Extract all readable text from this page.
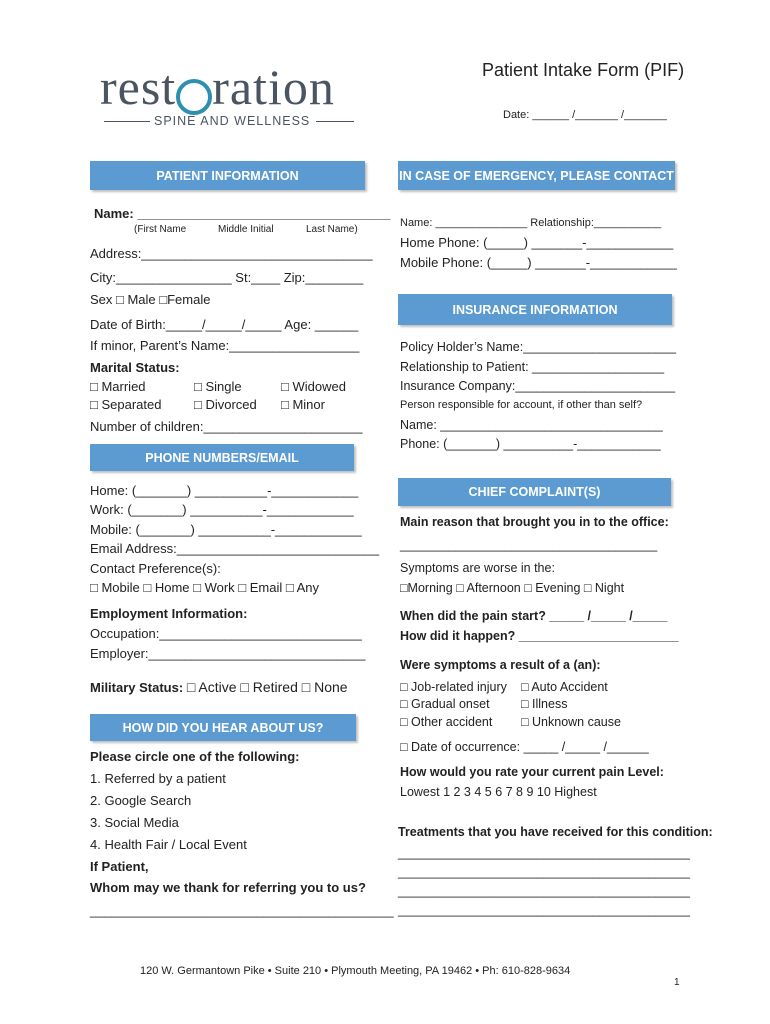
rest ration
SPINE AND WELLNESS
Patient Intake Form (PIF)
Date: ______ /_______ /_______
PATIENT INFORMATION	IN CASE OF EMERGENCY, PLEASE CONTACT
INSURANCE INFORMATION
PHONE NUMBERS/EMAIL
CHIEF COMPLAINT(S)
HOW DID YOU HEAR ABOUT US?
Name: ___________________________________
(First Name	Middle Initial	Last Name)
Address:________________________________
City:________________ St:____ Zip:________
Sex □ Male □Female
Date of Birth:_____/_____/_____ Age: ______
If minor, Parent’s Name:__________________
Marital Status:
□ Married	□ Single	□ Widowed
□ Separated	□ Divorced □ Minor
Number of children:______________________
Home: (_______) __________-____________
Work: (_______) __________-____________
Mobile: (_______) __________-____________
Email Address:____________________________
Contact Preference(s):
□ Mobile □ Home □ Work □ Email □ Any
Employment Information:
Occupation:____________________________
Employer:______________________________
Military Status: □ Active □ Retired □ None
Please circle one of the following:
1. Referred by a patient
2. Google Search
3. Social Media
4. Health Fair / Local Event
If Patient,
Whom may we thank for referring you to us?
__________________________________________
Name: _______________ Relationship:___________
Home Phone: (_____) _______-____________
Mobile Phone: (_____) _______-____________
Policy Holder’s Name:______________________
Relationship to Patient: ___________________
Insurance Company:_______________________
Person responsible for account, if other than self?
Name: ________________________________
Phone: (_______) __________-____________
Main reason that brought you in to the office:
_____________________________________
Symptoms are worse in the:
□Morning □ Afternoon □ Evening □ Night
When did the pain start? _____ /_____ /_____
How did it happen? _______________________
Were symptoms a result of a (an):
□ Job-related injury □ Auto Accident
□ Gradual onset	□ Illness
□ Other accident □ Unknown cause
□ Date of occurrence: _____ /_____ /______
How would you rate your current pain Level:
Lowest 1 2 3 4 5 6 7 8 9 10 Highest
Treatments that you have received for this condition:
__________________________________________
__________________________________________
__________________________________________
__________________________________________
120 W. Germantown Pike • Suite 210 • Plymouth Meeting, PA 19462 • Ph: 610-828-9634
1
